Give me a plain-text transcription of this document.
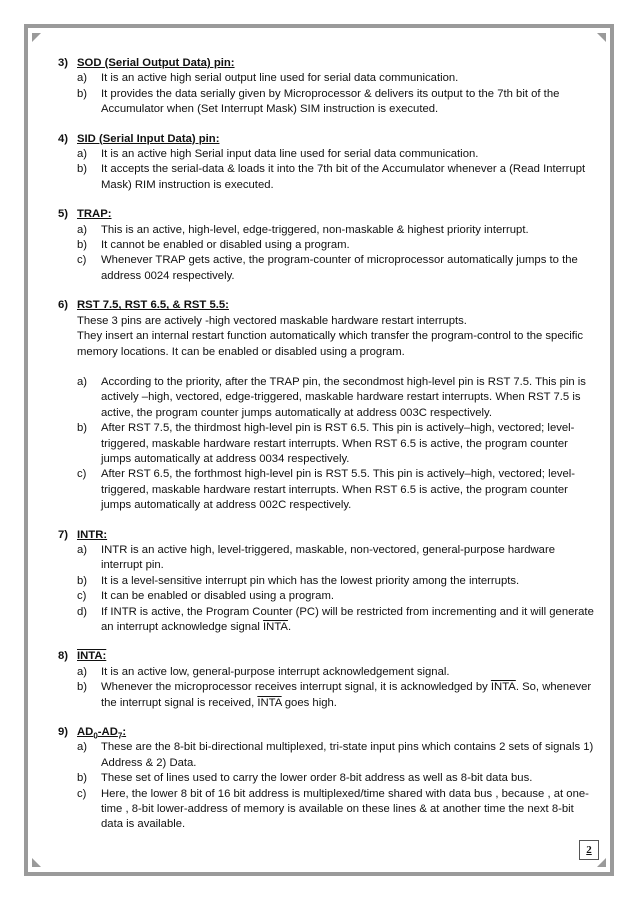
3) SOD (Serial Output Data) pin:
a)	It is an active high serial output line used for serial data communication.
b)	It provides the data serially given by Microprocessor & delivers its output to the 7th bit of the Accumulator when (Set Interrupt Mask) SIM instruction is executed.
4) SID (Serial Input Data) pin:
a)	It is an active high Serial input data line used for serial data communication.
b)	It accepts the serial-data & loads it into the 7th bit of the Accumulator whenever a (Read Interrupt Mask) RIM instruction is executed.
5) TRAP:
a)	This is an active, high-level, edge-triggered, non-maskable & highest priority interrupt.
b)	It cannot be enabled or disabled using a program.
c)	Whenever TRAP gets active, the program-counter of microprocessor automatically jumps to the address 0024 respectively.
6) RST 7.5, RST 6.5, & RST 5.5:
These 3 pins are actively -high vectored maskable hardware restart interrupts.
They insert an internal restart function automatically which transfer the program-control to the specific memory locations. It can be enabled or disabled using a program.
a)	According to the priority, after the TRAP pin, the secondmost high-level pin is RST 7.5. This pin is actively –high, vectored, edge-triggered, maskable hardware restart interrupts. When RST 7.5 is active, the program counter jumps automatically at address 003C respectively.
b)	After RST 7.5, the thirdmost high-level pin is RST 6.5. This pin is actively–high, vectored; level-triggered, maskable hardware restart interrupts. When RST 6.5 is active, the program counter jumps automatically at address 0034 respectively.
c)	After RST 6.5, the forthmost high-level pin is RST 5.5. This pin is actively–high, vectored; level-triggered, maskable hardware restart interrupts. When RST 6.5 is active, the program counter jumps automatically at address 002C respectively.
7) INTR:
a)	INTR is an active high, level-triggered, maskable, non-vectored, general-purpose hardware interrupt pin.
b)	It is a level-sensitive interrupt pin which has the lowest priority among the interrupts.
c)	It can be enabled or disabled using a program.
d)	If INTR is active, the Program Counter (PC) will be restricted from incrementing and it will generate an interrupt acknowledge signal INTA.
8) INTA:
a)	It is an active low, general-purpose interrupt acknowledgement signal.
b)	Whenever the microprocessor receives interrupt signal, it is acknowledged by INTA. So, whenever the interrupt signal is received, INTA goes high.
9) $AD_0-AD_7$:
a)	These are the 8-bit bi-directional multiplexed, tri-state input pins which contains 2 sets of signals 1) Address & 2) Data.
b)	These set of lines used to carry the lower order 8-bit address as well as 8-bit data bus.
c)	Here, the lower 8 bit of 16 bit address is multiplexed/time shared with data bus , because , at one-time , 8-bit lower-address of memory is available on these lines & at another time the next 8-bit data is available.
2
